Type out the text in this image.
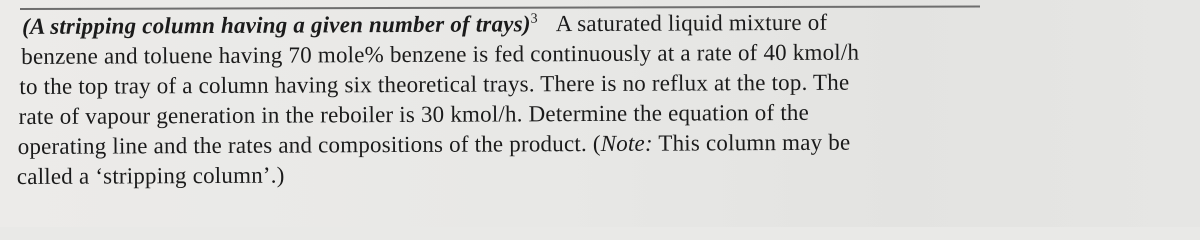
(A stripping column having a given number of trays)$^3$ A saturated liquid mixture of
benzene and toluene having 70 mole% benzene is fed continuously at a rate of 40 kmol/h
to the top tray of a column having six theoretical trays. There is no reflux at the top. The
rate of vapour generation in the reboiler is 30 kmol/h. Determine the equation of the
operating line and the rates and compositions of the product. (Note: This column may be
called a ‘stripping column’.)
